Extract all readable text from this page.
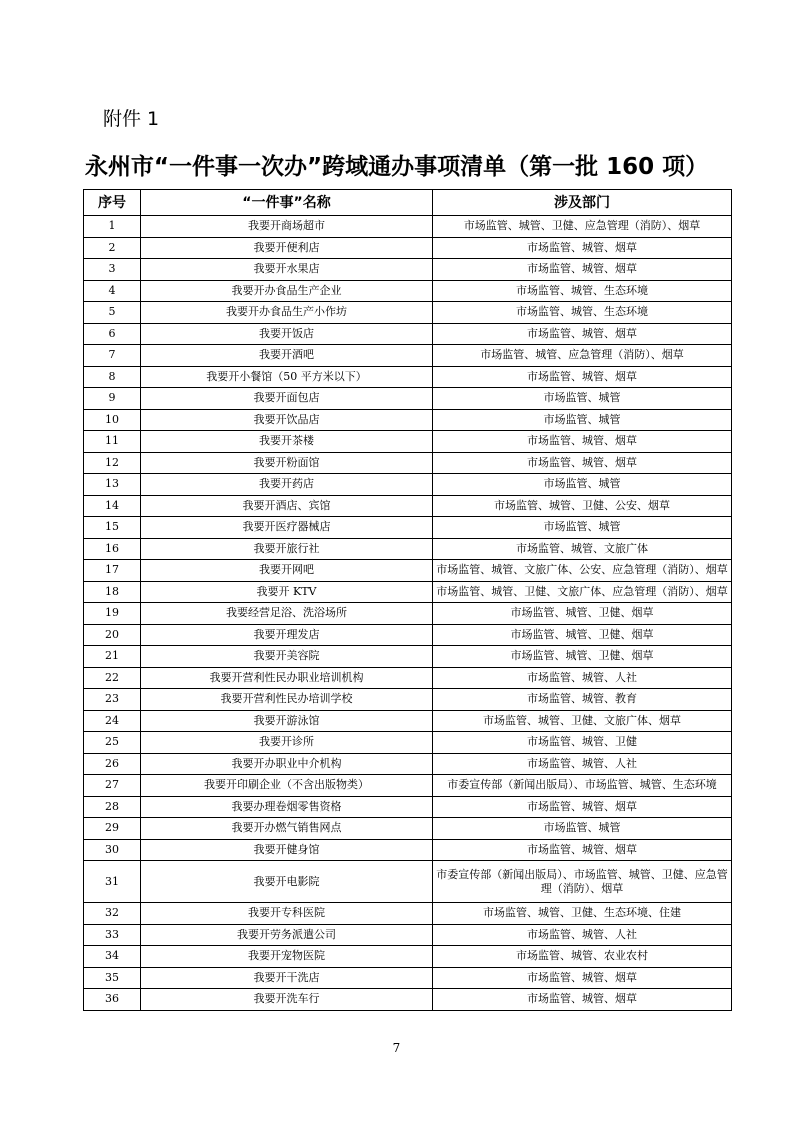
附件 1
永州市“一件事一次办”跨域通办事项清单（第一批 160 项）
序号	“一件事”名称	涉及部门
1	我要开商场超市	市场监管、城管、卫健、应急管理（消防）、烟草
2	我要开便利店	市场监管、城管、烟草
3	我要开水果店	市场监管、城管、烟草
4	我要开办食品生产企业	市场监管、城管、生态环境
5	我要开办食品生产小作坊	市场监管、城管、生态环境
6	我要开饭店	市场监管、城管、烟草
7	我要开酒吧	市场监管、城管、应急管理（消防）、烟草
8	我要开小餐馆（50 平方米以下）	市场监管、城管、烟草
9	我要开面包店	市场监管、城管
10	我要开饮品店	市场监管、城管
11	我要开茶楼	市场监管、城管、烟草
12	我要开粉面馆	市场监管、城管、烟草
13	我要开药店	市场监管、城管
14	我要开酒店、宾馆	市场监管、城管、卫健、公安、烟草
15	我要开医疗器械店	市场监管、城管
16	我要开旅行社	市场监管、城管、文旅广体
17	我要开网吧	市场监管、城管、文旅广体、公安、应急管理（消防）、烟草
18	我要开 KTV	市场监管、城管、卫健、文旅广体、应急管理（消防）、烟草
19	我要经营足浴、洗浴场所	市场监管、城管、卫健、烟草
20	我要开理发店	市场监管、城管、卫健、烟草
21	我要开美容院	市场监管、城管、卫健、烟草
22	我要开营利性民办职业培训机构	市场监管、城管、人社
23	我要开营利性民办培训学校	市场监管、城管、教育
24	我要开游泳馆	市场监管、城管、卫健、文旅广体、烟草
25	我要开诊所	市场监管、城管、卫健
26	我要开办职业中介机构	市场监管、城管、人社
27	我要开印刷企业（不含出版物类）	市委宣传部（新闻出版局）、市场监管、城管、生态环境
28	我要办理卷烟零售资格	市场监管、城管、烟草
29	我要开办燃气销售网点	市场监管、城管
30	我要开健身馆	市场监管、城管、烟草
31	我要开电影院	市委宣传部（新闻出版局）、市场监管、城管、卫健、应急管理（消防）、烟草
32	我要开专科医院	市场监管、城管、卫健、生态环境、住建
33	我要开劳务派遣公司	市场监管、城管、人社
34	我要开宠物医院	市场监管、城管、农业农村
35	我要开干洗店	市场监管、城管、烟草
36	我要开洗车行	市场监管、城管、烟草
7
